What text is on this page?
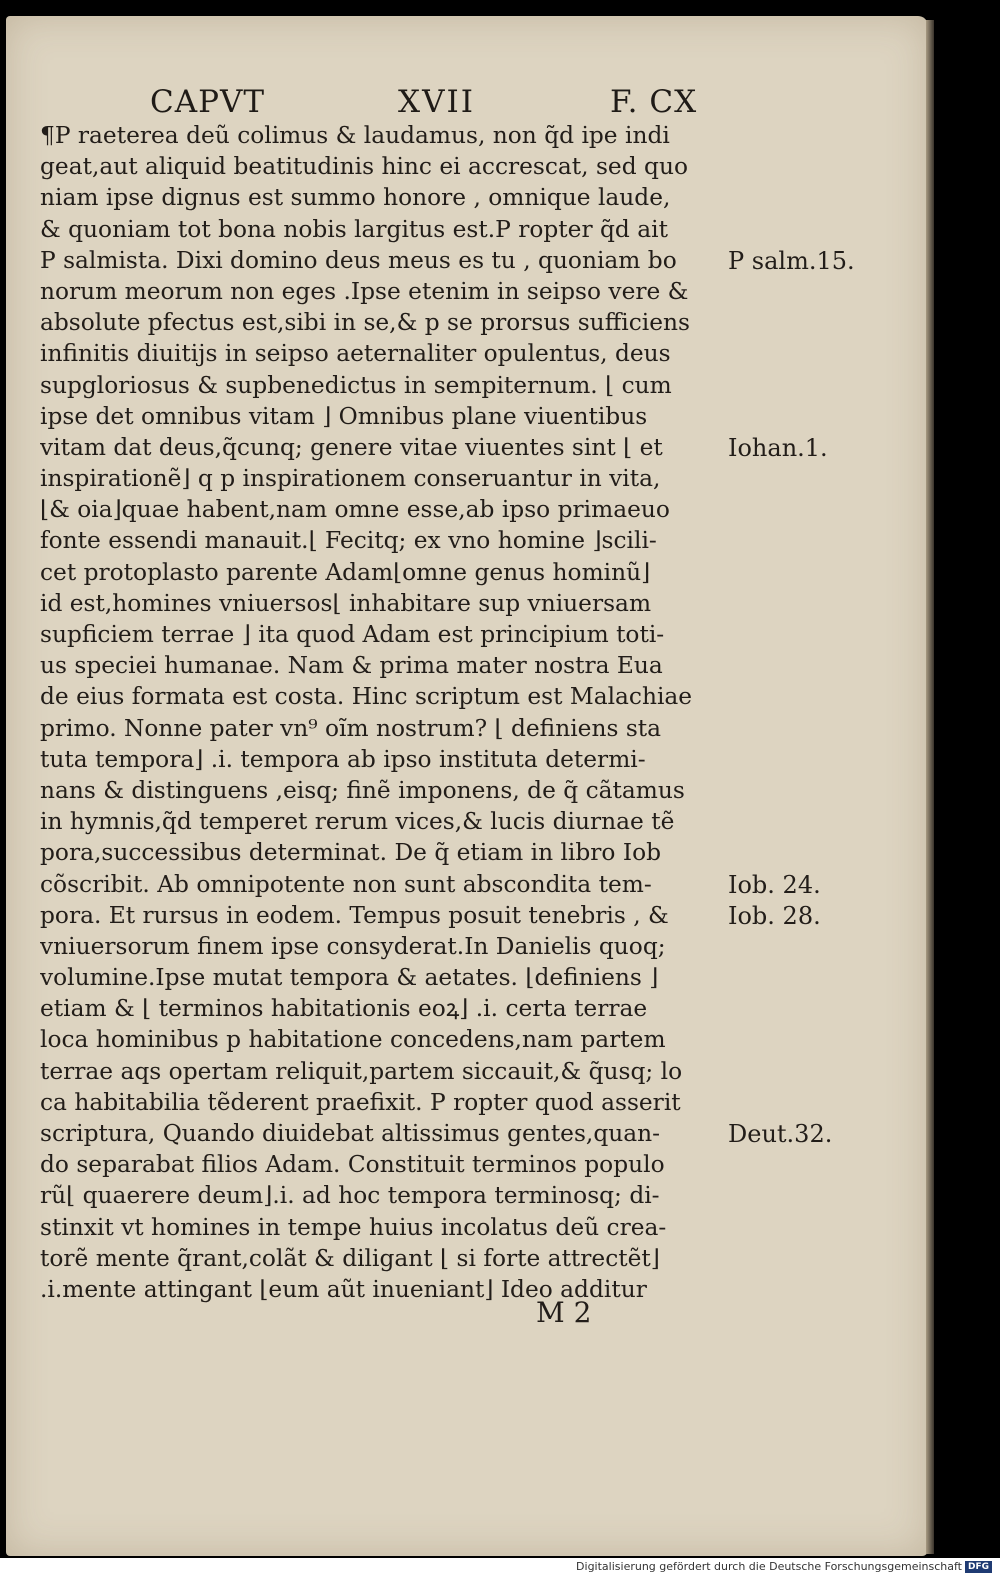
CAPVT	XVII	F. CX
¶P raeterea deũ colimus & laudamus, non q̃d ipe indi
geat,aut aliquid beatitudinis hinc ei accrescat, sed quo
niam ipse dignus est summo honore , omnique laude,
& quoniam tot bona nobis largitus est.P ropter q̃d ait
P salmista. Dixi domino deus meus es tu , quoniam bo
norum meorum non eges .Ipse etenim in seipso vere &
absolute pfectus est,sibi in se,& p se prorsus sufficiens
infinitis diuitijs in seipso aeternaliter opulentus, deus
supgloriosus & supbenedictus in sempiternum. ⌊ cum
ipse det omnibus vitam ⌋ Omnibus plane viuentibus
vitam dat deus,q̃cunq; genere vitae viuentes sint ⌊ et
inspirationẽ⌋ q p inspirationem conseruantur in vita,
⌊& oia⌋quae habent,nam omne esse,ab ipso primaeuo
fonte essendi manauit.⌊ Fecitq; ex vno homine ⌋scili-
cet protoplasto parente Adam⌊omne genus hominũ⌋
id est,homines vniuersos⌊ inhabitare sup vniuersam
supficiem terrae ⌋ ita quod Adam est principium toti-
us speciei humanae. Nam & prima mater nostra Eua
de eius formata est costa. Hinc scriptum est Malachiae
primo. Nonne pater vn⁹ oĩm nostrum? ⌊ definiens sta
tuta tempora⌋ .i. tempora ab ipso instituta determi-
nans & distinguens ,eisq; finẽ imponens, de q̃ cãtamus
in hymnis,q̃d temperet rerum vices,& lucis diurnae tẽ
pora,successibus determinat. De q̃ etiam in libro Iob
cõscribit. Ab omnipotente non sunt abscondita tem-
pora. Et rursus in eodem. Tempus posuit tenebris , &
vniuersorum finem ipse consyderat.In Danielis quoq;
volumine.Ipse mutat tempora & aetates. ⌊definiens ⌋
etiam & ⌊ terminos habitationis eoꝝ⌋ .i. certa terrae
loca hominibus p habitatione concedens,nam partem
terrae aqs opertam reliquit,partem siccauit,& q̃usq; lo
ca habitabilia tẽderent praefixit. P ropter quod asserit
scriptura, Quando diuidebat altissimus gentes,quan-
do separabat filios Adam. Constituit terminos populo
rũ⌊ quaerere deum⌋.i. ad hoc tempora terminosq; di-
stinxit vt homines in tempe huius incolatus deũ crea-
torẽ mente q̃rant,colãt & diligant ⌊ si forte attrectẽt⌋
.i.mente attingant ⌊eum aũt inueniant⌋ Ideo additur
P salm.15.
Iohan.1.
Iob. 24.
Iob. 28.
Deut.32.
M 2
Digitalisierung gefördert durch die Deutsche Forschungsgemeinschaft DFG
